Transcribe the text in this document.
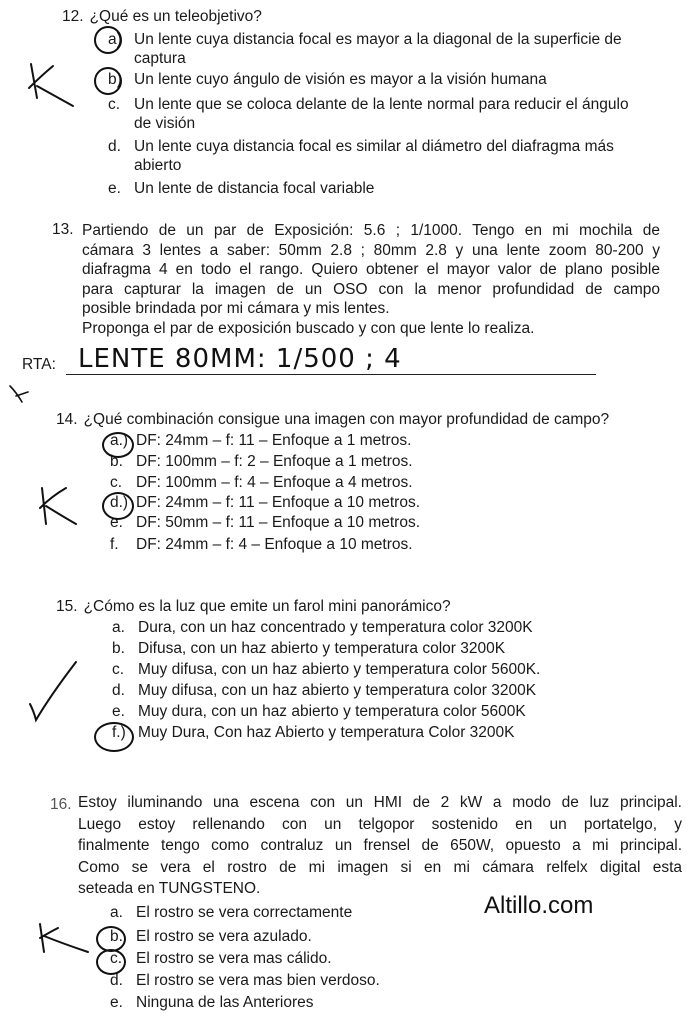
12. ¿Qué es un teleobjetivo?
a) Un lente cuya distancia focal es mayor a la diagonal de la superficie de
captura
b) Un lente cuyo ángulo de visión es mayor a la visión humana
c. Un lente que se coloca delante de la lente normal para reducir el ángulo
de visión
d. Un lente cuya distancia focal es similar al diámetro del diafragma más
abierto
e. Un lente de distancia focal variable
13. Partiendo de un par de Exposición: 5.6 ; 1/1000. Tengo en mi mochila de
cámara 3 lentes a saber: 50mm 2.8 ; 80mm 2.8 y una lente zoom 80-200 y
diafragma 4 en todo el rango. Quiero obtener el mayor valor de plano posible
para capturar la imagen de un OSO con la menor profundidad de campo
posible brindada por mi cámara y mis lentes.
Proponga el par de exposición buscado y con que lente lo realiza.
RTA: LENTE 80MM: 1/500 ; 4
14. ¿Qué combinación consigue una imagen con mayor profundidad de campo?
a.) DF: 24mm – f: 11 – Enfoque a 1 metros.
b. DF: 100mm – f: 2 – Enfoque a 1 metros.
c. DF: 100mm – f: 4 – Enfoque a 4 metros.
d.) DF: 24mm – f: 11 – Enfoque a 10 metros.
e. DF: 50mm – f: 11 – Enfoque a 10 metros.
f. DF: 24mm – f: 4 – Enfoque a 10 metros.
15. ¿Cómo es la luz que emite un farol mini panorámico?
a. Dura, con un haz concentrado y temperatura color 3200K
b. Difusa, con un haz abierto y temperatura color 3200K
c. Muy difusa, con un haz abierto y temperatura color 5600K.
d. Muy difusa, con un haz abierto y temperatura color 3200K
e. Muy dura, con un haz abierto y temperatura color 5600K
f.) Muy Dura, Con haz Abierto y temperatura Color 3200K
16. Estoy iluminando una escena con un HMI de 2 kW a modo de luz principal.
Luego estoy rellenando con un telgopor sostenido en un portatelgo, y
finalmente tengo como contraluz un frensel de 650W, opuesto a mi principal.
Como se vera el rostro de mi imagen si en mi cámara relfelx digital esta
seteada en TUNGSTENO.
a. El rostro se vera correctamente
b. El rostro se vera azulado.
c. El rostro se vera mas cálido.
d. El rostro se vera mas bien verdoso.
e. Ninguna de las Anteriores
Altillo.com
